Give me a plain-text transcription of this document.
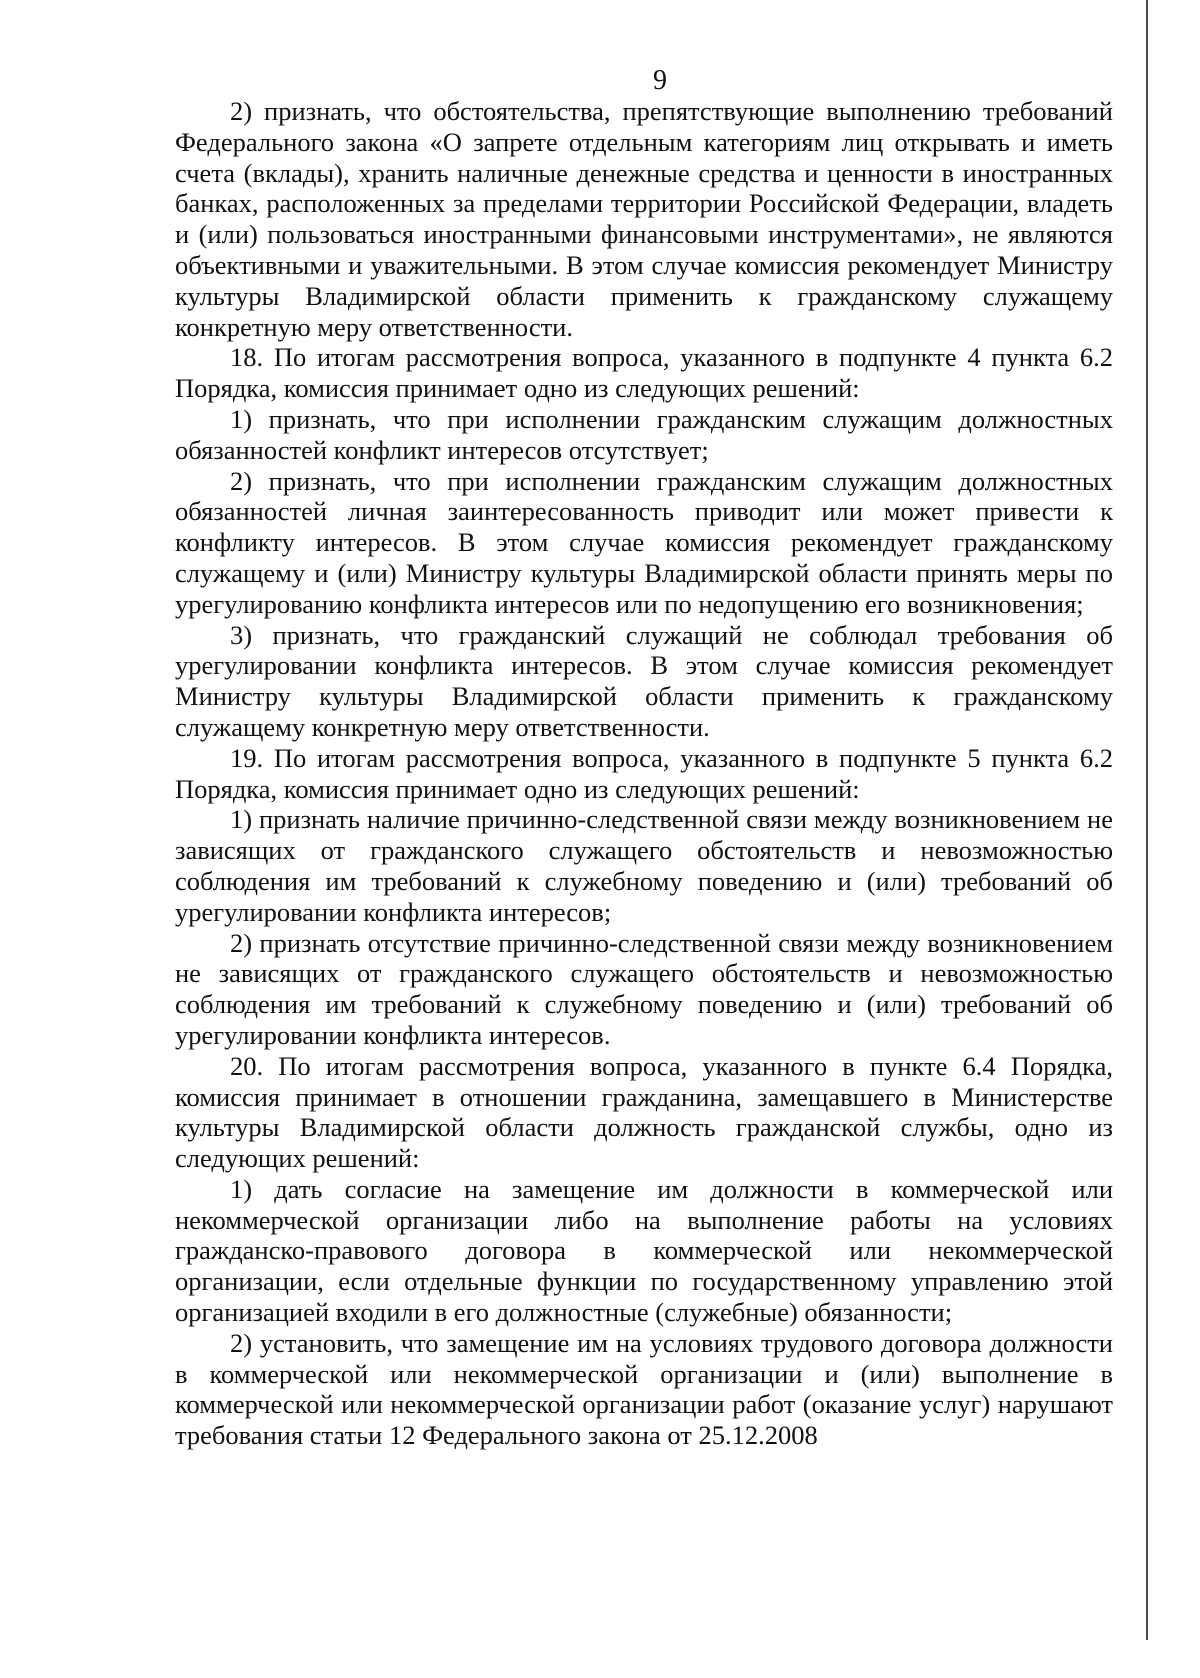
9

2) признать, что обстоятельства, препятствующие выполнению требований Федерального закона «О запрете отдельным категориям лиц открывать и иметь счета (вклады), хранить наличные денежные средства и ценности в иностранных банках, расположенных за пределами территории Российской Федерации, владеть и (или) пользоваться иностранными финансовыми инструментами», не являются объективными и уважительными. В этом случае комиссия рекомендует Министру культуры Владимирской области применить к гражданскому служащему конкретную меру ответственности.

18. По итогам рассмотрения вопроса, указанного в подпункте 4 пункта 6.2 Порядка, комиссия принимает одно из следующих решений:

1) признать, что при исполнении гражданским служащим должностных обязанностей конфликт интересов отсутствует;

2) признать, что при исполнении гражданским служащим должностных обязанностей личная заинтересованность приводит или может привести к конфликту интересов. В этом случае комиссия рекомендует гражданскому служащему и (или) Министру культуры Владимирской области принять меры по урегулированию конфликта интересов или по недопущению его возникновения;

3) признать, что гражданский служащий не соблюдал требования об урегулировании конфликта интересов. В этом случае комиссия рекомендует Министру культуры Владимирской области применить к гражданскому служащему конкретную меру ответственности.

19. По итогам рассмотрения вопроса, указанного в подпункте 5 пункта 6.2 Порядка, комиссия принимает одно из следующих решений:

1) признать наличие причинно-следственной связи между возникновением не зависящих от гражданского служащего обстоятельств и невозможностью соблюдения им требований к служебному поведению и (или) требований об урегулировании конфликта интересов;

2) признать отсутствие причинно-следственной связи между возникновением не зависящих от гражданского служащего обстоятельств и невозможностью соблюдения им требований к служебному поведению и (или) требований об урегулировании конфликта интересов.

20. По итогам рассмотрения вопроса, указанного в пункте 6.4 Порядка, комиссия принимает в отношении гражданина, замещавшего в Министерстве культуры Владимирской области должность гражданской службы, одно из следующих решений:

1) дать согласие на замещение им должности в коммерческой или некоммерческой организации либо на выполнение работы на условиях гражданско-правового договора в коммерческой или некоммерческой организации, если отдельные функции по государственному управлению этой организацией входили в его должностные (служебные) обязанности;

2) установить, что замещение им на условиях трудового договора должности в коммерческой или некоммерческой организации и (или) выполнение в коммерческой или некоммерческой организации работ (оказание услуг) нарушают требования статьи 12 Федерального закона от 25.12.2008
